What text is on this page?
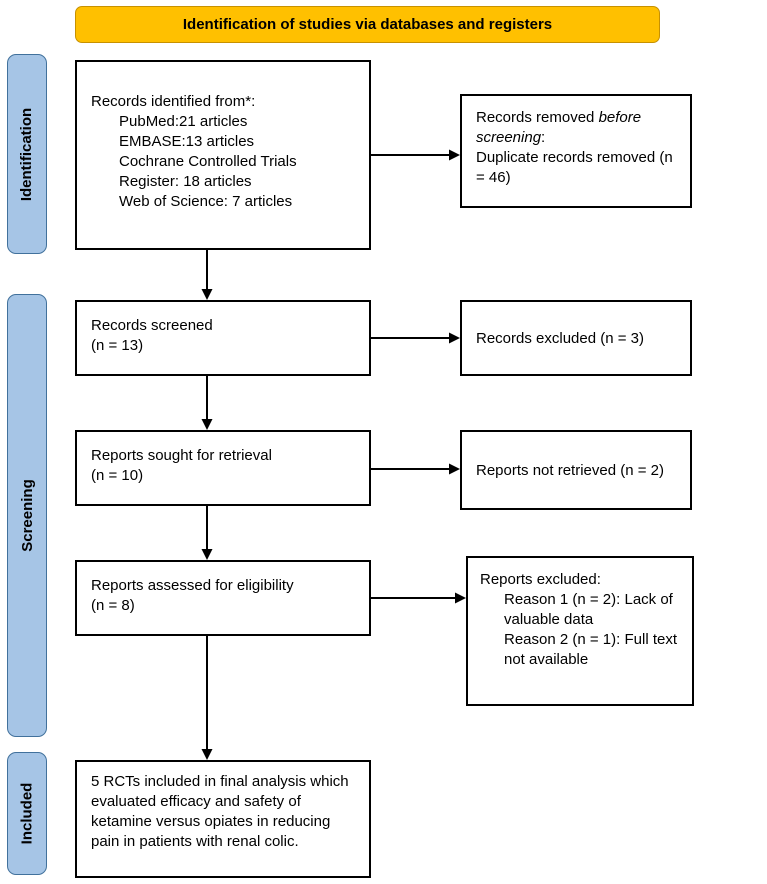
Identification of studies via databases and registers
Identification
Screening
Included
Records identified from*:
PubMed:21 articles
EMBASE:13 articles
Cochrane Controlled Trials Register: 18 articles
Web of Science: 7 articles
Records removed before screening:
Duplicate records removed (n = 46)
Records screened
(n = 13)	Records excluded (n = 3)
Reports sought for retrieval
(n = 10)	Reports not retrieved (n = 2)
Reports assessed for eligibility
(n = 8)
Reports excluded:
Reason 1 (n = 2): Lack of valuable data
Reason 2 (n = 1): Full text not available
5 RCTs included in final analysis which evaluated efficacy and safety of ketamine versus opiates in reducing pain in patients with renal colic.
